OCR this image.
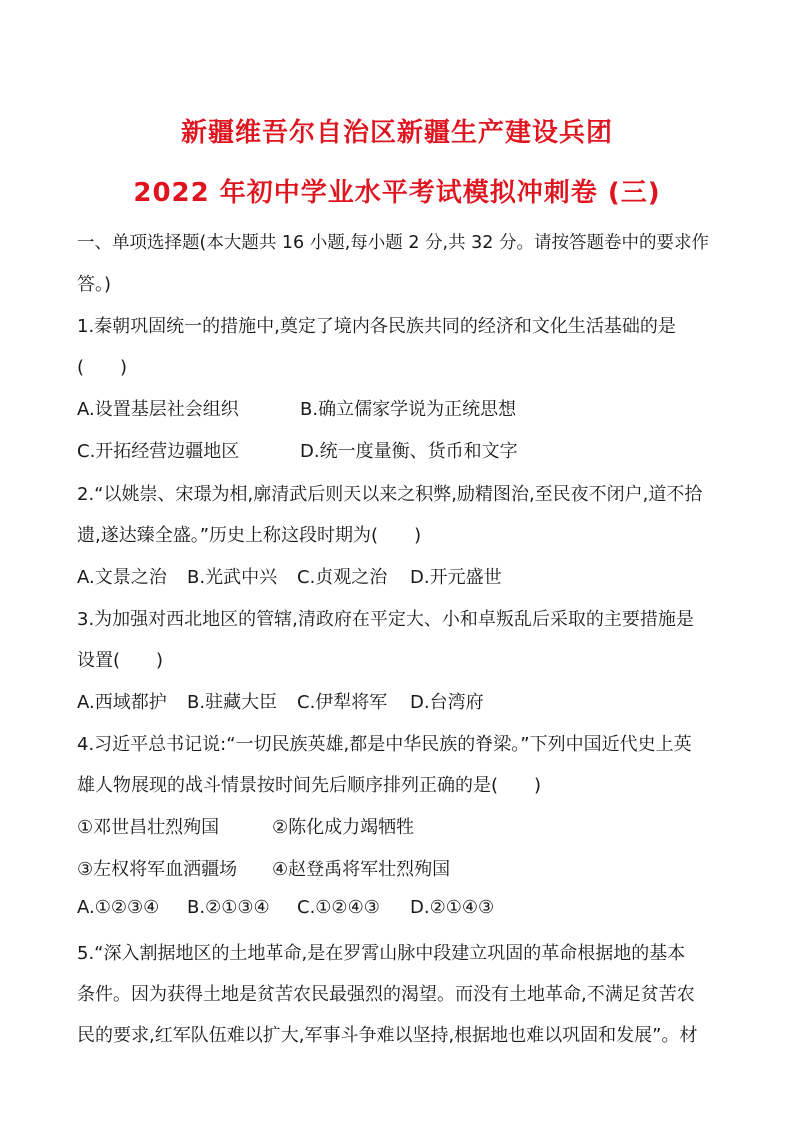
新疆维吾尔自治区新疆生产建设兵团
2022 年初中学业水平考试模拟冲刺卷 (三)
一、单项选择题(本大题共 16 小题,每小题 2 分,共 32 分。请按答题卷中的要求作
答。)
1.秦朝巩固统一的措施中,奠定了境内各民族共同的经济和文化生活基础的是
(　　)
A.设置基层社会组织	B.确立儒家学说为正统思想
C.开拓经营边疆地区	D.统一度量衡、货币和文字
2.“以姚崇、宋璟为相,廓清武后则天以来之积弊,励精图治,至民夜不闭户,道不拾
遗,遂达臻全盛。”历史上称这段时期为(　　)
A.文景之治 B.光武中兴 C.贞观之治 D.开元盛世
3.为加强对西北地区的管辖,清政府在平定大、小和卓叛乱后采取的主要措施是
设置(　　)
A.西域都护 B.驻藏大臣 C.伊犁将军 D.台湾府
4.习近平总书记说:“一切民族英雄,都是中华民族的脊梁。”下列中国近代史上英
雄人物展现的战斗情景按时间先后顺序排列正确的是(　　)
①邓世昌壮烈殉国	②陈化成力竭牺牲
③左权将军血洒疆场 ④赵登禹将军壮烈殉国
A.①②③④ B.②①③④ C.①②④③ D.②①④③
5.“深入割据地区的土地革命,是在罗霄山脉中段建立巩固的革命根据地的基本
条件。因为获得土地是贫苦农民最强烈的渴望。而没有土地革命,不满足贫苦农
民的要求,红军队伍难以扩大,军事斗争难以坚持,根据地也难以巩固和发展”。材
